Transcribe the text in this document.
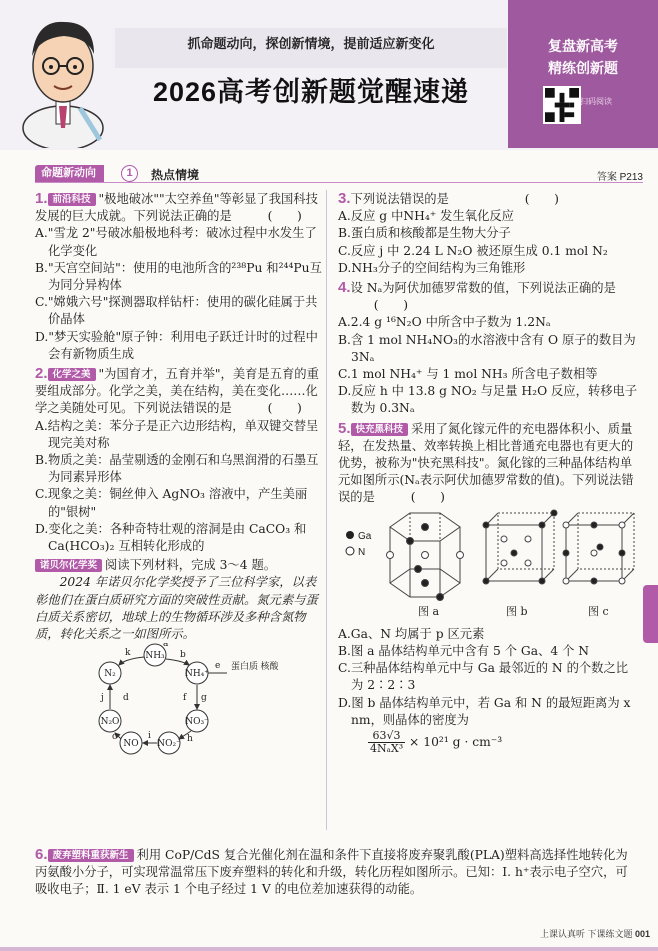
抓命题动向，探创新情境，提前适应新变化
2026高考创新题觉醒速递
复盘新高考
精练创新题
扫码阅读
命题新动向	1	热点情境	答案 P213

1. 前沿科技 "极地破冰""太空养鱼"等彰显了我国科技发展的巨大成就。下列说法正确的是	(　　)

A."雪龙 2"号破冰船极地科考：破冰过程中水发生了化学变化

B."天宫空间站"：使用的电池所含的²³⁸Pu 和²⁴⁴Pu互为同分异构体

C."嫦娥六号"探测器取样钻杆：使用的碳化硅属于共价晶体

D."梦天实验舱"原子钟：利用电子跃迁计时的过程中会有新物质生成

2. 化学之美 "为国育才，五育并举"，美育是五育的重要组成部分。化学之美，美在结构，美在变化……化学之美随处可见。下列说法错误的是	(　　)

A.结构之美：苯分子是正六边形结构，单双键交替呈现完美对称

B.物质之美：晶莹剔透的金刚石和乌黑润滑的石墨互为同素异形体

C.现象之美：铜丝伸入 AgNO₃ 溶液中，产生美丽的"银树"

D.变化之美：各种奇特壮观的溶洞是由 CaCO₃ 和 Ca(HCO₃)₂ 互相转化形成的

诺贝尔化学奖 阅读下列材料，完成 3～4 题。

2024 年诺贝尔化学奖授予了三位科学家，以表彰他们在蛋白质研究方面的突破性贡献。氮元素与蛋白质关系密切，地球上的生物循环涉及多种含氮物质，转化关系之一如图所示。

NH₃
NH₄⁺
N₂
N₂O
NO NO₂⁻
NO₃⁻
a
k	b
g
h
i
c
j d
e
f
蛋白质 核酸

3.下列说法错误的是	(　　)

A.反应 g 中NH₄⁺ 发生氧化反应

B.蛋白质和核酸都是生物大分子

C.反应 j 中 2.24 L N₂O 被还原生成 0.1 mol N₂

D.NH₃分子的空间结构为三角锥形

4.设 Nₐ为阿伏加德罗常数的值，下列说法正确的是(　　)

A.2.4 g ¹⁶N₂O 中所含中子数为 1.2Nₐ

B.含 1 mol NH₄NO₃的水溶液中含有 O 原子的数目为 3Nₐ

C.1 mol NH₄⁺ 与 1 mol NH₃ 所含电子数相等

D.反应 h 中 13.8 g NO₂ 与足量 H₂O 反应，转移电子数为 0.3Nₐ

5. 快充黑科技 采用了氮化镓元件的充电器体积小、质量轻，在发热量、效率转换上相比普通充电器也有更大的优势，被称为"快充黑科技"。氮化镓的三种晶体结构单元如图所示(Nₐ表示阿伏加德罗常数的值)。下列说法错误的是	(　　)

Ga
N
图 a	图 b	图 c

A.Ga、N 均属于 p 区元素

B.图 a 晶体结构单元中含有 5 个 Ga、4 个 N

C.三种晶体结构单元中与 Ga 最邻近的 N 的个数之比为 2∶2∶3

D.图 b 晶体结构单元中，若 Ga 和 N 的最短距离为 x nm，则晶体的密度为

63√3
4NₐX³ × 10²¹ g · cm⁻³

6. 废弃塑料重获新生 利用 CoP/CdS 复合光催化剂在温和条件下直接将废弃聚乳酸(PLA)塑料高选择性地转化为丙氨酸小分子，可实现常温常压下废弃塑料的转化和升级，转化历程如图所示。已知：Ⅰ. h⁺表示电子空穴，可吸收电子；Ⅱ. 1 eV 表示 1 个电子经过 1 V 的电位差加速获得的动能。

上课认真听 下课练文题 001
